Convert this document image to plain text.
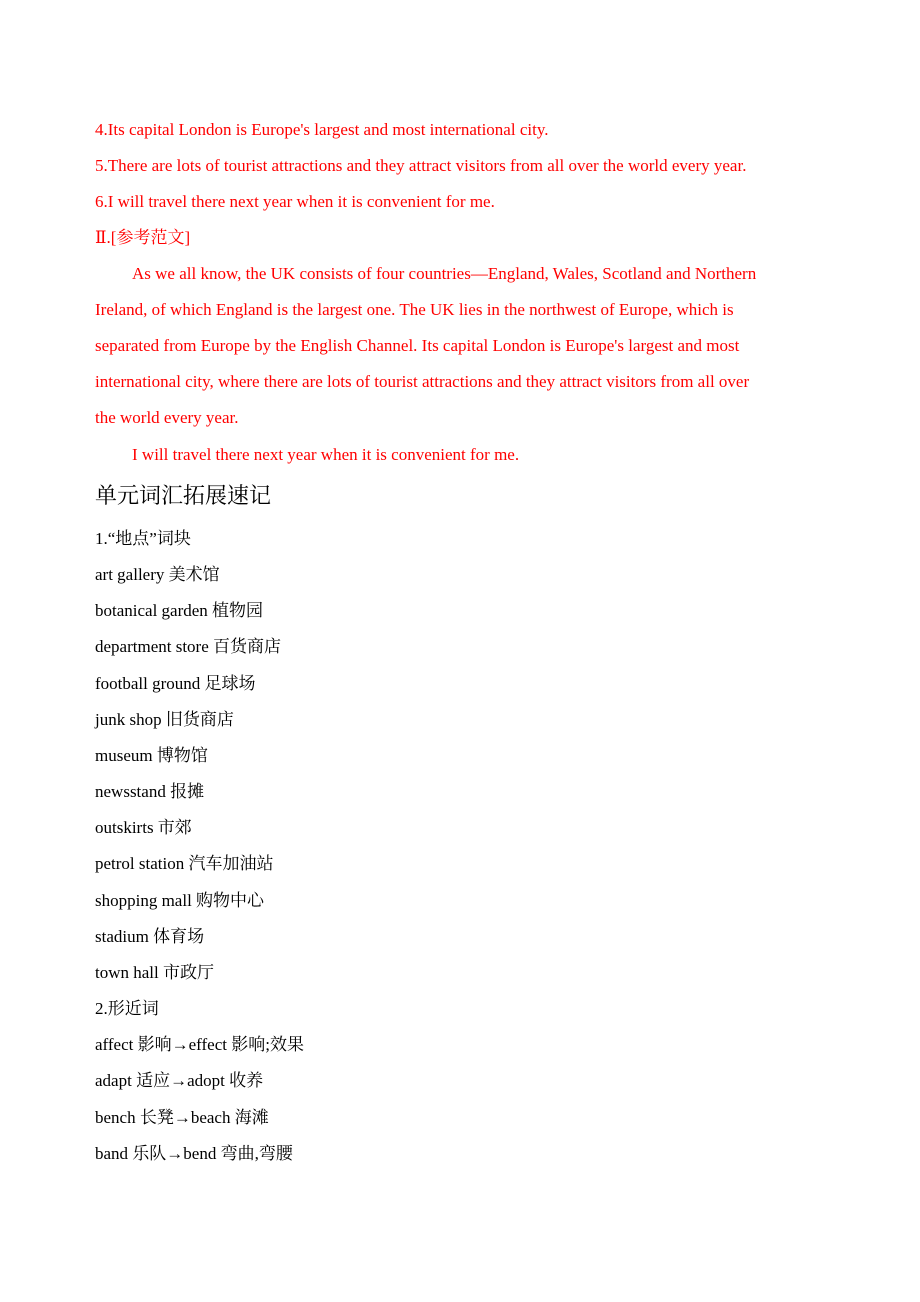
4.Its capital London is Europe's largest and most international city.
5.There are lots of tourist attractions and they attract visitors from all over the world every year.
6.I will travel there next year when it is convenient for me.
Ⅱ.[参考范文]
As we all know, the UK consists of four countries—England, Wales, Scotland and Northern
Ireland, of which England is the largest one. The UK lies in the northwest of Europe, which is
separated from Europe by the English Channel. Its capital London is Europe's largest and most
international city, where there are lots of tourist attractions and they attract visitors from all over
the world every year.
I will travel there next year when it is convenient for me.
单元词汇拓展速记
1.“地点”词块
art gallery 美术馆
botanical garden 植物园
department store 百货商店
football ground 足球场
junk shop 旧货商店
museum 博物馆
newsstand 报摊
outskirts 市郊
petrol station 汽车加油站
shopping mall 购物中心
stadium 体育场
town hall 市政厅
2.形近词
affect 影响→effect 影响;效果
adapt 适应→adopt 收养
bench 长凳→beach 海滩
band 乐队→bend 弯曲,弯腰
